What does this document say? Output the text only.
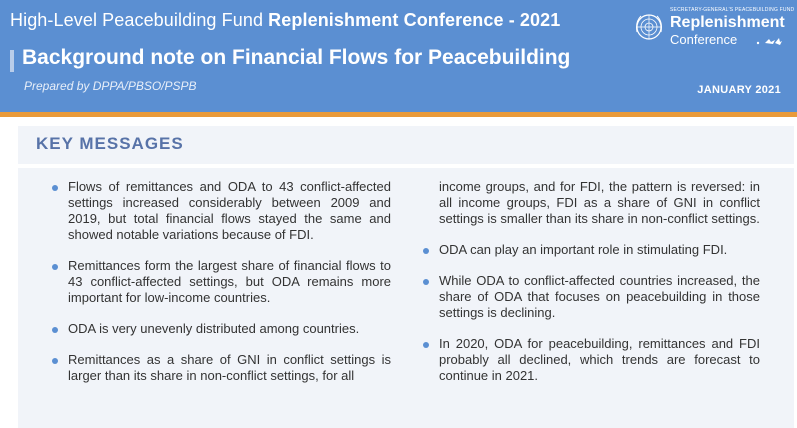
High-Level Peacebuilding Fund Replenishment Conference - 2021
Background note on Financial Flows for Peacebuilding
Prepared by DPPA/PBSO/PSPB	JANUARY 2021
SECRETARY-GENERAL'S PEACEBUILDING FUND
Replenishment
Conference
KEY MESSAGES
Flows of remittances and ODA to 43 conflict-affected settings increased considerably between 2009 and 2019, but total financial flows stayed the same and showed notable variations because of FDI.
Remittances form the largest share of financial flows to 43 conflict-affected settings, but ODA remains more important for low-income countries.
ODA is very unevenly distributed among countries.
Remittances as a share of GNI in conflict settings is larger than its share in non-conflict settings, for all
income groups, and for FDI, the pattern is reversed: in all income groups, FDI as a share of GNI in conflict settings is smaller than its share in non-conflict settings.
ODA can play an important role in stimulating FDI.
While ODA to conflict-affected countries increased, the share of ODA that focuses on peacebuilding in those settings is declining.
In 2020, ODA for peacebuilding, remittances and FDI probably all declined, which trends are forecast to continue in 2021.
